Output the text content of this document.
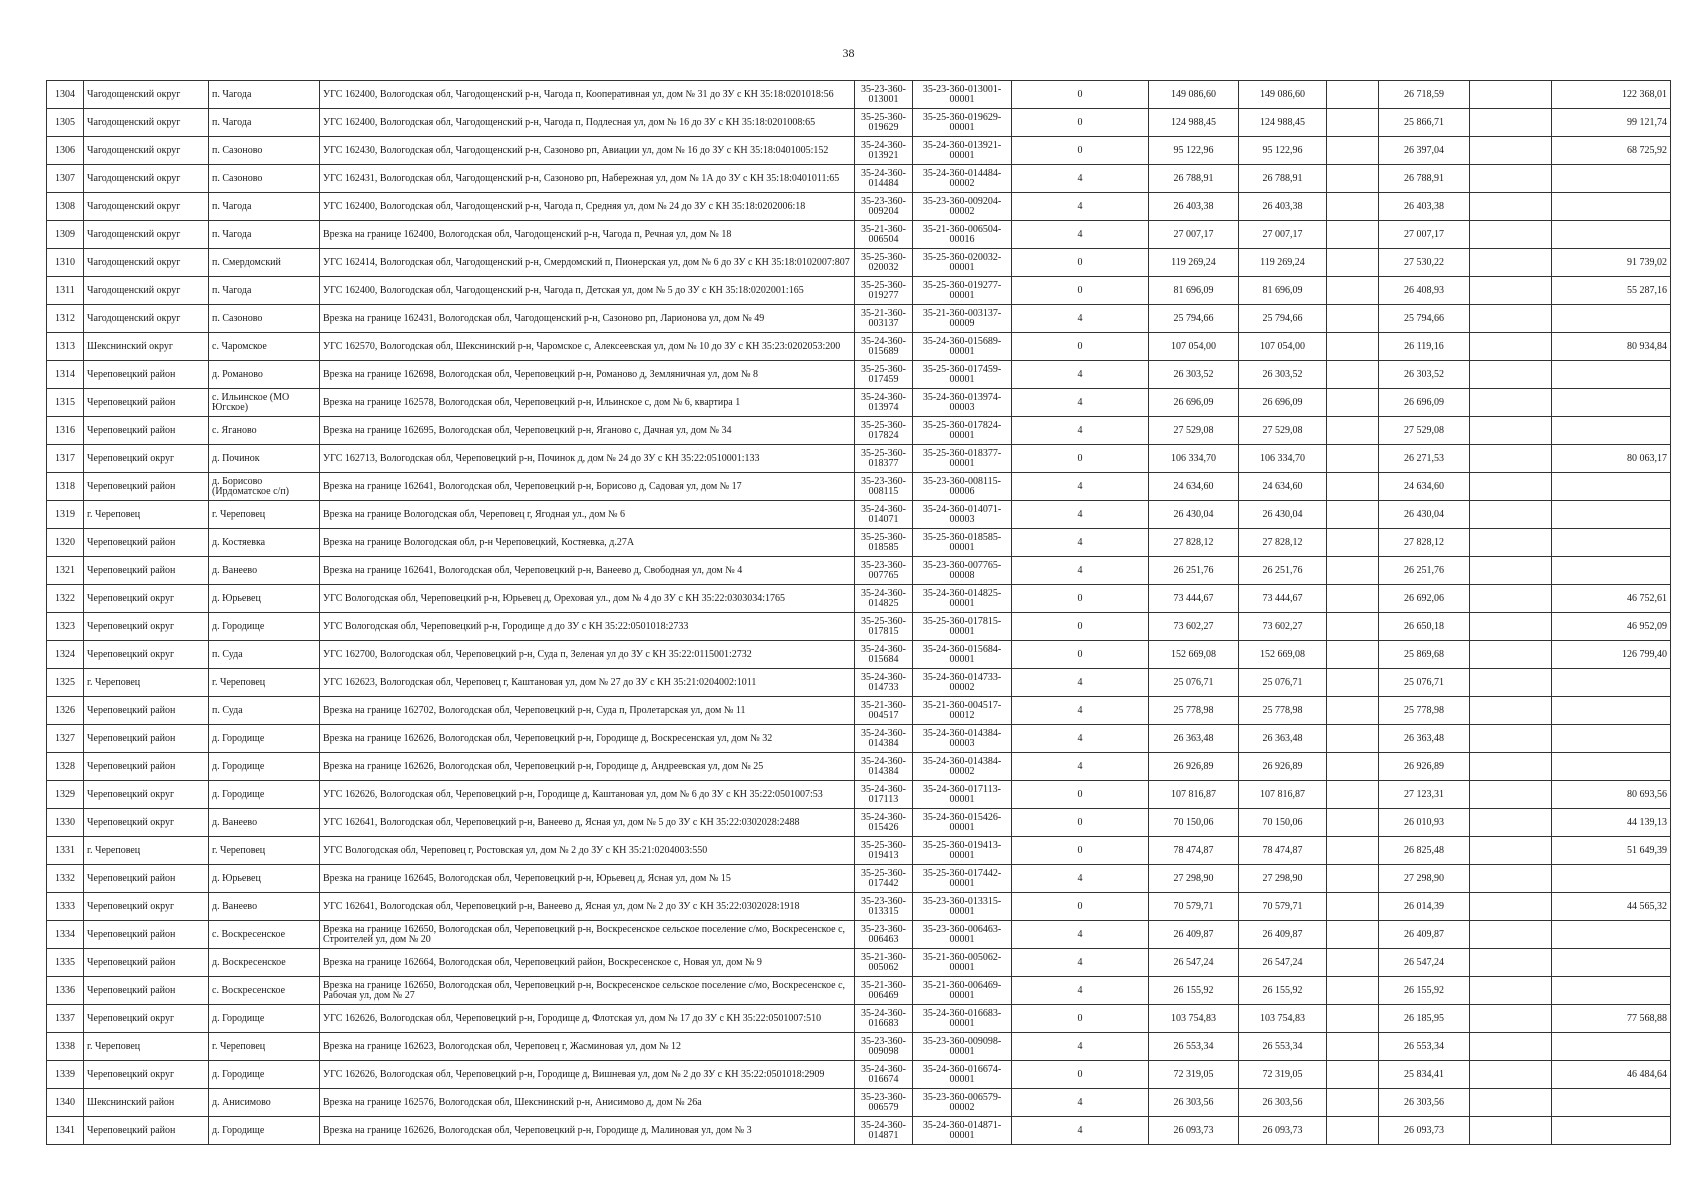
38
1304	Чагодощенский округ	п. Чагода	УГС 162400, Вологодская обл, Чагодощенский р-н, Чагода п, Кооперативная ул, дом № 31 до ЗУ с КН 35:18:0201018:56	35-23-360-013001	35-23-360-013001-00001	0	149 086,60	149 086,60		26 718,59		122 368,01
1305	Чагодощенский округ	п. Чагода	УГС 162400, Вологодская обл, Чагодощенский р-н, Чагода п, Подлесная ул, дом № 16 до ЗУ с КН 35:18:0201008:65	35-25-360-019629	35-25-360-019629-00001	0	124 988,45	124 988,45		25 866,71		99 121,74
1306	Чагодощенский округ	п. Сазоново	УГС 162430, Вологодская обл, Чагодощенский р-н, Сазоново рп, Авиации ул, дом № 16 до ЗУ с КН 35:18:0401005:152	35-24-360-013921	35-24-360-013921-00001	0	95 122,96	95 122,96		26 397,04		68 725,92
1307	Чагодощенский округ	п. Сазоново	УГС 162431, Вологодская обл, Чагодощенский р-н, Сазоново рп, Набережная ул, дом № 1А до ЗУ с КН 35:18:0401011:65	35-24-360-014484	35-24-360-014484-00002	4	26 788,91	26 788,91		26 788,91		
1308	Чагодощенский округ	п. Чагода	УГС 162400, Вологодская обл, Чагодощенский р-н, Чагода п, Средняя ул, дом № 24 до ЗУ с КН 35:18:0202006:18	35-23-360-009204	35-23-360-009204-00002	4	26 403,38	26 403,38		26 403,38		
1309	Чагодощенский округ	п. Чагода	Врезка на границе 162400, Вологодская обл, Чагодощенский р-н, Чагода п, Речная ул, дом № 18	35-21-360-006504	35-21-360-006504-00016	4	27 007,17	27 007,17		27 007,17		
1310	Чагодощенский округ	п. Смердомский	УГС 162414, Вологодская обл, Чагодощенский р-н, Смердомский п, Пионерская ул, дом № 6 до ЗУ с КН 35:18:0102007:807	35-25-360-020032	35-25-360-020032-00001	0	119 269,24	119 269,24		27 530,22		91 739,02
1311	Чагодощенский округ	п. Чагода	УГС 162400, Вологодская обл, Чагодощенский р-н, Чагода п, Детская ул, дом № 5 до ЗУ с КН 35:18:0202001:165	35-25-360-019277	35-25-360-019277-00001	0	81 696,09	81 696,09		26 408,93		55 287,16
1312	Чагодощенский округ	п. Сазоново	Врезка на границе 162431, Вологодская обл, Чагодощенский р-н, Сазоново рп, Ларионова ул, дом № 49	35-21-360-003137	35-21-360-003137-00009	4	25 794,66	25 794,66		25 794,66		
1313	Шекснинский округ	с. Чаромское	УГС 162570, Вологодская обл, Шекснинский р-н, Чаромское с, Алексеевская ул, дом № 10 до ЗУ с КН 35:23:0202053:200	35-24-360-015689	35-24-360-015689-00001	0	107 054,00	107 054,00		26 119,16		80 934,84
1314	Череповецкий район	д. Романово	Врезка на границе 162698, Вологодская обл, Череповецкий р-н, Романово д, Земляничная ул, дом № 8	35-25-360-017459	35-25-360-017459-00001	4	26 303,52	26 303,52		26 303,52		
1315	Череповецкий район	с. Ильинское (МО Югское)	Врезка на границе 162578, Вологодская обл, Череповецкий р-н, Ильинское с, дом № 6, квартира 1	35-24-360-013974	35-24-360-013974-00003	4	26 696,09	26 696,09		26 696,09		
1316	Череповецкий район	с. Яганово	Врезка на границе 162695, Вологодская обл, Череповецкий р-н, Яганово с, Дачная ул, дом № 34	35-25-360-017824	35-25-360-017824-00001	4	27 529,08	27 529,08		27 529,08		
1317	Череповецкий округ	д. Починок	УГС 162713, Вологодская обл, Череповецкий р-н, Починок д, дом № 24 до ЗУ с КН 35:22:0510001:133	35-25-360-018377	35-25-360-018377-00001	0	106 334,70	106 334,70		26 271,53		80 063,17
1318	Череповецкий район	д. Борисово (Ирдоматское с/п)	Врезка на границе 162641, Вологодская обл, Череповецкий р-н, Борисово д, Садовая ул, дом № 17	35-23-360-008115	35-23-360-008115-00006	4	24 634,60	24 634,60		24 634,60		
1319	г. Череповец	г. Череповец	Врезка на границе Вологодская обл, Череповец г, Ягодная ул., дом № 6	35-24-360-014071	35-24-360-014071-00003	4	26 430,04	26 430,04		26 430,04		
1320	Череповецкий район	д. Костяевка	Врезка на границе Вологодская обл, р-н Череповецкий, Костяевка, д.27А	35-25-360-018585	35-25-360-018585-00001	4	27 828,12	27 828,12		27 828,12		
1321	Череповецкий район	д. Ванеево	Врезка на границе 162641, Вологодская обл, Череповецкий р-н, Ванеево д, Свободная ул, дом № 4	35-23-360-007765	35-23-360-007765-00008	4	26 251,76	26 251,76		26 251,76		
1322	Череповецкий округ	д. Юрьевец	УГС Вологодская обл, Череповецкий р-н, Юрьевец д, Ореховая ул., дом № 4 до ЗУ с КН 35:22:0303034:1765	35-24-360-014825	35-24-360-014825-00001	0	73 444,67	73 444,67		26 692,06		46 752,61
1323	Череповецкий округ	д. Городище	УГС Вологодская обл, Череповецкий р-н, Городище д до ЗУ с КН 35:22:0501018:2733	35-25-360-017815	35-25-360-017815-00001	0	73 602,27	73 602,27		26 650,18		46 952,09
1324	Череповецкий округ	п. Суда	УГС 162700, Вологодская обл, Череповецкий р-н, Суда п, Зеленая ул до ЗУ с КН 35:22:0115001:2732	35-24-360-015684	35-24-360-015684-00001	0	152 669,08	152 669,08		25 869,68		126 799,40
1325	г. Череповец	г. Череповец	УГС 162623, Вологодская обл, Череповец г, Каштановая ул, дом № 27 до ЗУ с КН 35:21:0204002:1011	35-24-360-014733	35-24-360-014733-00002	4	25 076,71	25 076,71		25 076,71		
1326	Череповецкий район	п. Суда	Врезка на границе 162702, Вологодская обл, Череповецкий р-н, Суда п, Пролетарская ул, дом № 11	35-21-360-004517	35-21-360-004517-00012	4	25 778,98	25 778,98		25 778,98		
1327	Череповецкий район	д. Городище	Врезка на границе 162626, Вологодская обл, Череповецкий р-н, Городище д, Воскресенская ул, дом № 32	35-24-360-014384	35-24-360-014384-00003	4	26 363,48	26 363,48		26 363,48		
1328	Череповецкий район	д. Городище	Врезка на границе 162626, Вологодская обл, Череповецкий р-н, Городище д, Андреевская ул, дом № 25	35-24-360-014384	35-24-360-014384-00002	4	26 926,89	26 926,89		26 926,89		
1329	Череповецкий округ	д. Городище	УГС 162626, Вологодская обл, Череповецкий р-н, Городище д, Каштановая ул, дом № 6 до ЗУ с КН 35:22:0501007:53	35-24-360-017113	35-24-360-017113-00001	0	107 816,87	107 816,87		27 123,31		80 693,56
1330	Череповецкий округ	д. Ванеево	УГС 162641, Вологодская обл, Череповецкий р-н, Ванеево д, Ясная ул, дом № 5 до ЗУ с КН 35:22:0302028:2488	35-24-360-015426	35-24-360-015426-00001	0	70 150,06	70 150,06		26 010,93		44 139,13
1331	г. Череповец	г. Череповец	УГС Вологодская обл, Череповец г, Ростовская ул, дом № 2 до ЗУ с КН 35:21:0204003:550	35-25-360-019413	35-25-360-019413-00001	0	78 474,87	78 474,87		26 825,48		51 649,39
1332	Череповецкий район	д. Юрьевец	Врезка на границе 162645, Вологодская обл, Череповецкий р-н, Юрьевец д, Ясная ул, дом № 15	35-25-360-017442	35-25-360-017442-00001	4	27 298,90	27 298,90		27 298,90		
1333	Череповецкий округ	д. Ванеево	УГС 162641, Вологодская обл, Череповецкий р-н, Ванеево д, Ясная ул, дом № 2 до ЗУ с КН 35:22:0302028:1918	35-23-360-013315	35-23-360-013315-00001	0	70 579,71	70 579,71		26 014,39		44 565,32
1334	Череповецкий район	с. Воскресенское	Врезка на границе 162650, Вологодская обл, Череповецкий р-н, Воскресенское сельское поселение с/мо, Воскресенское с, Строителей ул, дом № 20	35-23-360-006463	35-23-360-006463-00001	4	26 409,87	26 409,87		26 409,87		
1335	Череповецкий район	д. Воскресенское	Врезка на границе 162664, Вологодская обл, Череповецкий район, Воскресенское с, Новая ул, дом № 9	35-21-360-005062	35-21-360-005062-00001	4	26 547,24	26 547,24		26 547,24		
1336	Череповецкий район	с. Воскресенское	Врезка на границе 162650, Вологодская обл, Череповецкий р-н, Воскресенское сельское поселение с/мо, Воскресенское с, Рабочая ул, дом № 27	35-21-360-006469	35-21-360-006469-00001	4	26 155,92	26 155,92		26 155,92		
1337	Череповецкий округ	д. Городище	УГС 162626, Вологодская обл, Череповецкий р-н, Городище д, Флотская ул, дом № 17 до ЗУ с КН 35:22:0501007:510	35-24-360-016683	35-24-360-016683-00001	0	103 754,83	103 754,83		26 185,95		77 568,88
1338	г. Череповец	г. Череповец	Врезка на границе 162623, Вологодская обл, Череповец г, Жасминовая ул, дом № 12	35-23-360-009098	35-23-360-009098-00001	4	26 553,34	26 553,34		26 553,34		
1339	Череповецкий округ	д. Городище	УГС 162626, Вологодская обл, Череповецкий р-н, Городище д, Вишневая ул, дом № 2 до ЗУ с КН 35:22:0501018:2909	35-24-360-016674	35-24-360-016674-00001	0	72 319,05	72 319,05		25 834,41		46 484,64
1340	Шекснинский район	д. Анисимово	Врезка на границе 162576, Вологодская обл, Шекснинский р-н, Анисимово д, дом № 26а	35-23-360-006579	35-23-360-006579-00002	4	26 303,56	26 303,56		26 303,56		
1341	Череповецкий район	д. Городище	Врезка на границе 162626, Вологодская обл, Череповецкий р-н, Городище д, Малиновая ул, дом № 3	35-24-360-014871	35-24-360-014871-00001	4	26 093,73	26 093,73		26 093,73		
